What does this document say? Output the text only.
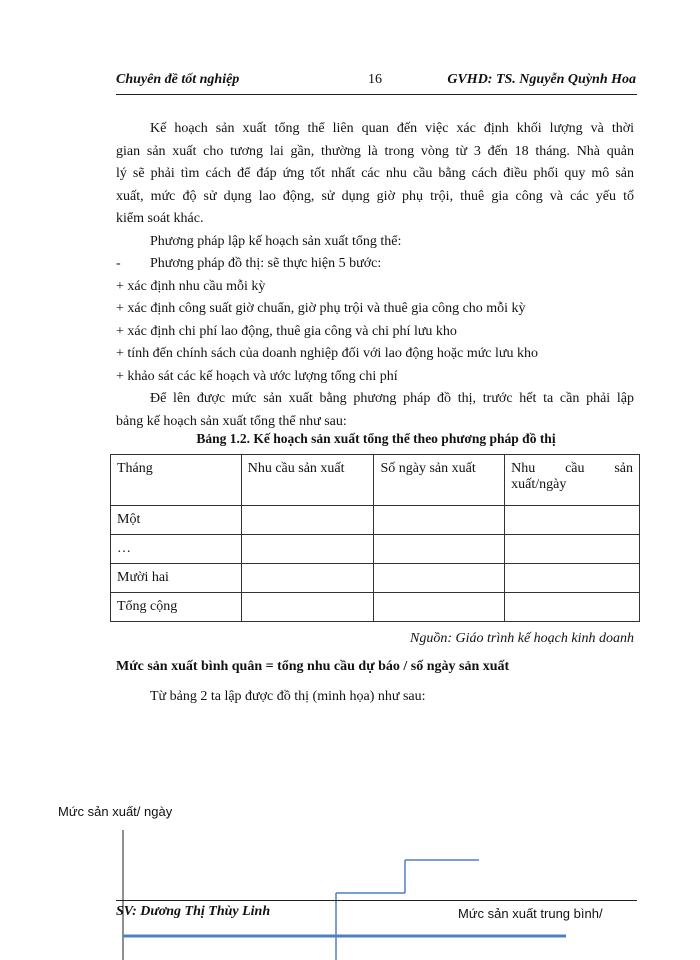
Chuyên đề tốt nghiệp	16	GVHD: TS. Nguyễn Quỳnh Hoa

Kế hoạch sản xuất tổng thể liên quan đến việc xác định khối lượng và thời

gian sản xuất cho tương lai gần, thường là trong vòng từ 3 đến 18 tháng. Nhà quản

lý sẽ phải tìm cách để đáp ứng tốt nhất các nhu cầu bằng cách điều phối quy mô sản

xuất, mức độ sử dụng lao động, sử dụng giờ phụ trội, thuê gia công và các yếu tố

kiểm soát khác.

Phương pháp lập kế hoạch sản xuất tổng thể:

-	Phương pháp đồ thị: sẽ thực hiện 5 bước:

+ xác định nhu cầu mỗi kỳ

+ xác định công suất giờ chuẩn, giờ phụ trội và thuê gia công cho mỗi kỳ

+ xác định chi phí lao động, thuê gia công và chi phí lưu kho

+ tính đến chính sách của doanh nghiệp đối với lao động hoặc mức lưu kho

+ khảo sát các kế hoạch và ước lượng tổng chi phí

Để lên được mức sản xuất bằng phương pháp đồ thị, trước hết ta cần phải lập

bảng kế hoạch sản xuất tổng thể như sau:

Bảng 1.2. Kế hoạch sản xuất tổng thể theo phương pháp đồ thị
Tháng	Nhu cầu sản xuất	Số ngày sản xuất	Nhu cầu sản
xuất/ngày

Một			
…			
Mười hai			
Tổng cộng			
Nguồn: Giáo trình kế hoạch kinh doanh
Mức sản xuất bình quân = tổng nhu cầu dự báo / số ngày sản xuất
Từ bảng 2 ta lập được đồ thị (minh họa) như sau:
Mức sản xuất/ ngày
SV: Dương Thị Thùy Linh	Mức sản xuất trung bình/
